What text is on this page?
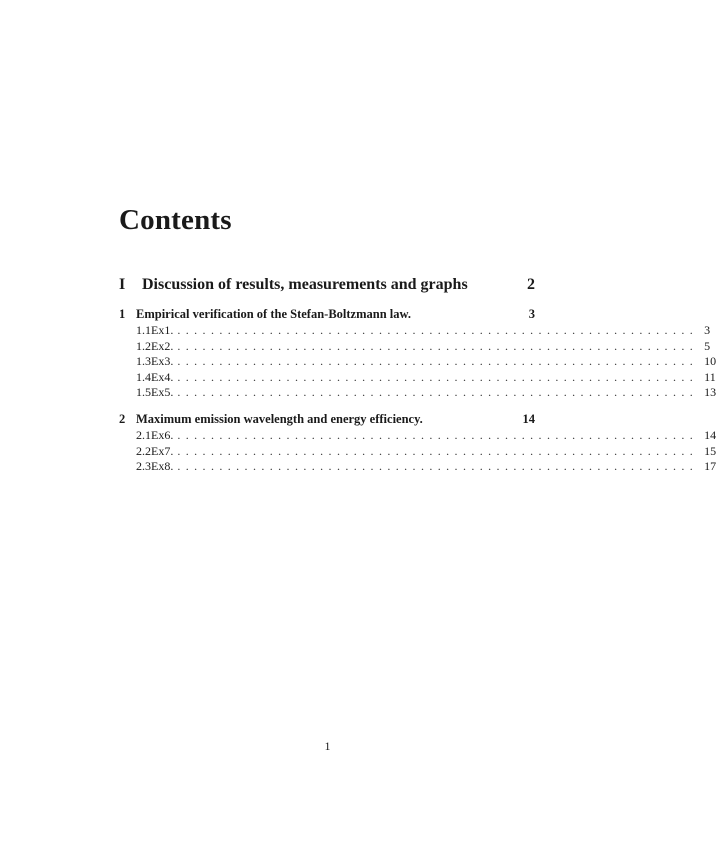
Contents
I	Discussion of results, measurements and graphs	2
1 Empirical verification of the Stefan-Boltzmann law.	3
1.1 Ex1. .............................................................. 3
1.2 Ex2. .............................................................. 5
1.3 Ex3. .............................................................. 10
1.4 Ex4. .............................................................. 11
1.5 Ex5. .............................................................. 13
2 Maximum emission wavelength and energy efficiency.	14
2.1 Ex6. .............................................................. 14
2.2 Ex7. .............................................................. 15
2.3 Ex8. .............................................................. 17
1
